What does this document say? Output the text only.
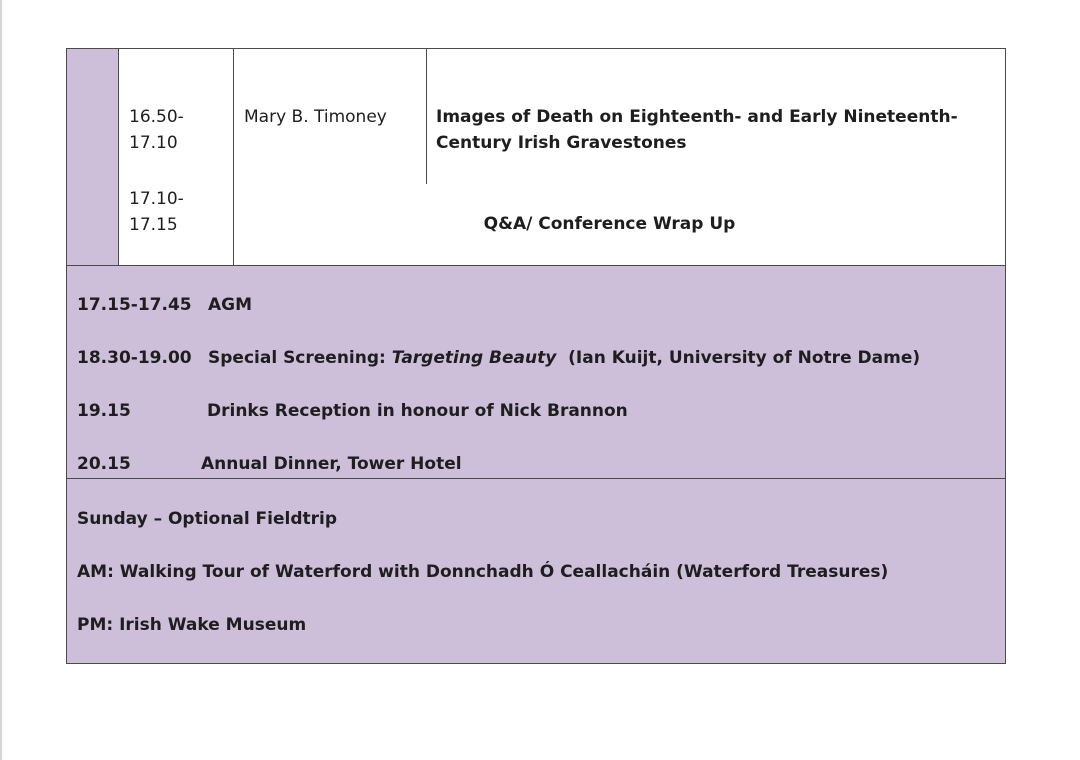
16.50-
17.10
Mary B. Timoney	Images of Death on Eighteenth- and Early Nineteenth-
Century Irish Gravestones
17.10-
17.15	Q&A/ Conference Wrap Up
17.15-17.45 AGM
18.30-19.00 Special Screening: Targeting Beauty  (Ian Kuijt, University of Notre Dame)
19.15	Drinks Reception in honour of Nick Brannon
20.15	Annual Dinner, Tower Hotel
Sunday – Optional Fieldtrip
AM: Walking Tour of Waterford with Donnchadh Ó Ceallacháin (Waterford Treasures)
PM: Irish Wake Museum
